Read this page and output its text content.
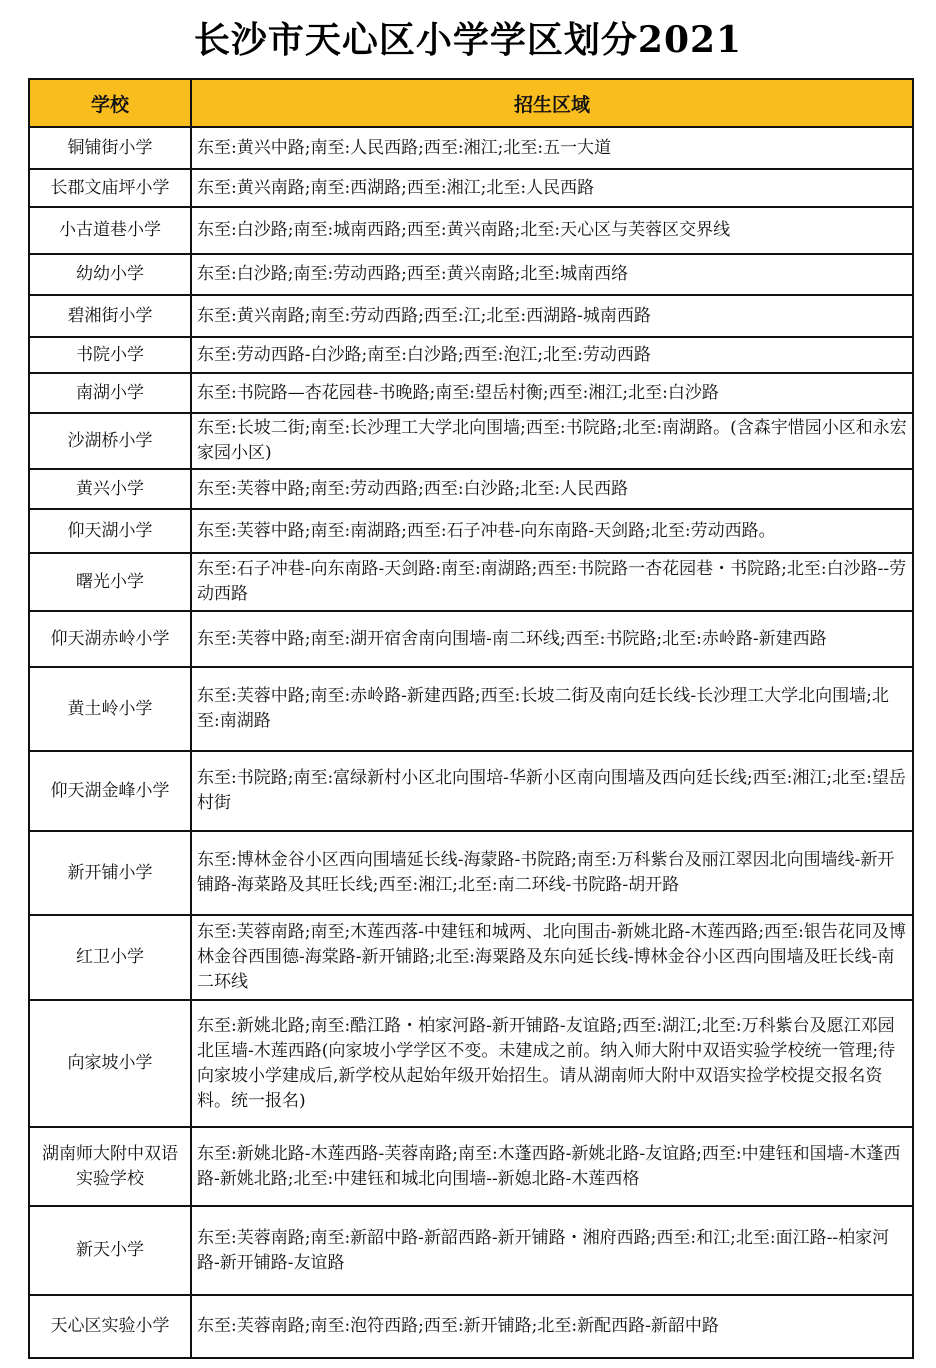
长沙市天心区小学学区划分2021
学校	招生区域
铜铺街小学	东至:黄兴中路;南至:人民西路;西至:湘江;北至:五一大道
长郡文庙坪小学	东至:黄兴南路;南至:西湖路;西至:湘江;北至:人民西路
小古道巷小学	东至:白沙路;南至:城南西路;西至:黄兴南路;北至:天心区与芙蓉区交界线
幼幼小学	东至:白沙路;南至:劳动西路;西至:黄兴南路;北至:城南西络
碧湘街小学	东至:黄兴南路;南至:劳动西路;西至:江;北至:西湖路-城南西路
书院小学	东至:劳动西路-白沙路;南至:白沙路;西至:泡江;北至:劳动西路
南湖小学	东至:书院路—杏花园巷-书晚路;南至:望岳村衡;西至:湘江;北至:白沙路
沙湖桥小学	东至:长坡二街;南至:长沙理工大学北向围墙;西至:书院路;北至:南湖路。(含森宇惜园小区和永宏家园小区)
黄兴小学	东至:芙蓉中路;南至:劳动西路;西至:白沙路;北至:人民西路
仰天湖小学	东至:芙蓉中路;南至:南湖路;西至:石子冲巷-向东南路-天剑路;北至:劳动西路。
曙光小学	东至:石子冲巷-向东南路-天剑路:南至:南湖路;西至:书院路一杏花园巷・书院路;北至:白沙路--劳动西路
仰天湖赤岭小学	东至:芙蓉中路;南至:湖开宿舍南向围墙-南二环线;西至:书院路;北至:赤岭路-新建西路
黄土岭小学	东至:芙蓉中路;南至:赤岭路-新建西路;西至:长坡二街及南向廷长线-长沙理工大学北向围墙;北至:南湖路
仰天湖金峰小学	东至:书院路;南至:富绿新村小区北向围培-华新小区南向围墙及西向廷长线;西至:湘江;北至:望岳村街
新开铺小学	东至:博林金谷小区西向围墙延长线-海蒙路-书院路;南至:万科紫台及丽江翠因北向围墙线-新开铺路-海菜路及其旺长线;西至:湘江;北至:南二环线-书院路-胡开路
红卫小学	东至:芙蓉南路;南至;木莲西落-中建钰和城两、北向围击-新姚北路-木莲西路;西至:银告花同及博林金谷西围德-海棠路-新开铺路;北至:海粟路及东向延长线-博林金谷小区西向围墙及旺长线-南二环线
向家坡小学	东至:新姚北路;南至:酷江路・柏家河路-新开铺路-友谊路;西至:湖江;北至:万科紫台及愿江邓园北匡墙-木莲西路(向家坡小学学区不变。未建成之前。纳入师大附中双语实验学校统一管理;待向家坡小学建成后,新学校从起始年级开始招生。请从湖南师大附中双语实捡学校提交报名资料。统一报名)
湖南师大附中双语实验学校	东至:新姚北路-木莲西路-芙蓉南路;南至:木蓬西路-新姚北路-友谊路;西至:中建钰和国墙-木蓬西路-新姚北路;北至:中建钰和城北向围墙--新媳北路-木莲西格
新天小学	东至:芙蓉南路;南至:新韶中路-新韶西路-新开铺路・湘府西路;西至:和江;北至:面江路--柏家河路-新开铺路-友谊路
天心区实验小学	东至:芙蓉南路;南至:泡符西路;西至:新开铺路;北至:新配西路-新韶中路
